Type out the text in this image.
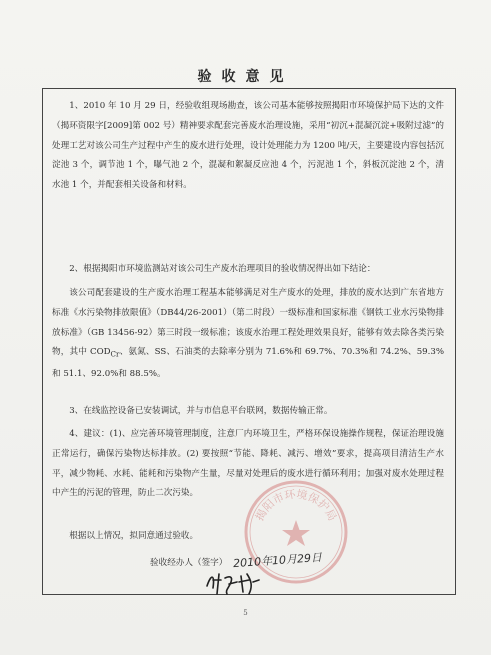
验收意见
1、2010 年 10 月 29 日，经验收组现场勘查，该公司基本能够按照揭阳市环境保护局下达的文件（揭环资限字[2009]第 002 号）精神要求配套完善废水治理设施，采用“初沉+混凝沉淀+吸附过滤”的处理工艺对该公司生产过程中产生的废水进行处理，设计处理能力为 1200 吨/天，主要建设内容包括沉淀池 3 个，调节池 1 个，曝气池 2 个，混凝和絮凝反应池 4 个，污泥池 1 个，斜板沉淀池 2 个，清水池 1 个，并配套相关设备和材料。
2、根据揭阳市环境监测站对该公司生产废水治理项目的验收情况得出如下结论：
该公司配套建设的生产废水治理工程基本能够满足对生产废水的处理，排放的废水达到广东省地方标准《水污染物排放限值》（DB44/26-2001）（第二时段）一级标准和国家标准《钢铁工业水污染物排放标准》（GB 13456-92）第三时段一级标准；该废水治理工程处理效果良好，能够有效去除各类污染物，其中 $COD_{Cr}$、氨氮、SS、石油类的去除率分别为 71.6%和 69.7%、70.3%和 74.2%、59.3%和 51.1、92.0%和 88.5%。
3、在线监控设备已安装调试，并与市信息平台联网，数据传输正常。
4、建议：(1)、应完善环境管理制度，注意厂内环境卫生，严格环保设施操作规程，保证治理设施正常运行，确保污染物达标排放。(2) 要按照“节能、降耗、减污、增效”要求，提高项目清洁生产水平，减少物耗、水耗、能耗和污染物产生量，尽量对处理后的废水进行循环利用；加强对废水处理过程中产生的污泥的管理，防止二次污染。
根据以上情况，拟同意通过验收。
揭阳市环境保护局
验收经办人（签字） 2010年10月29日
5
